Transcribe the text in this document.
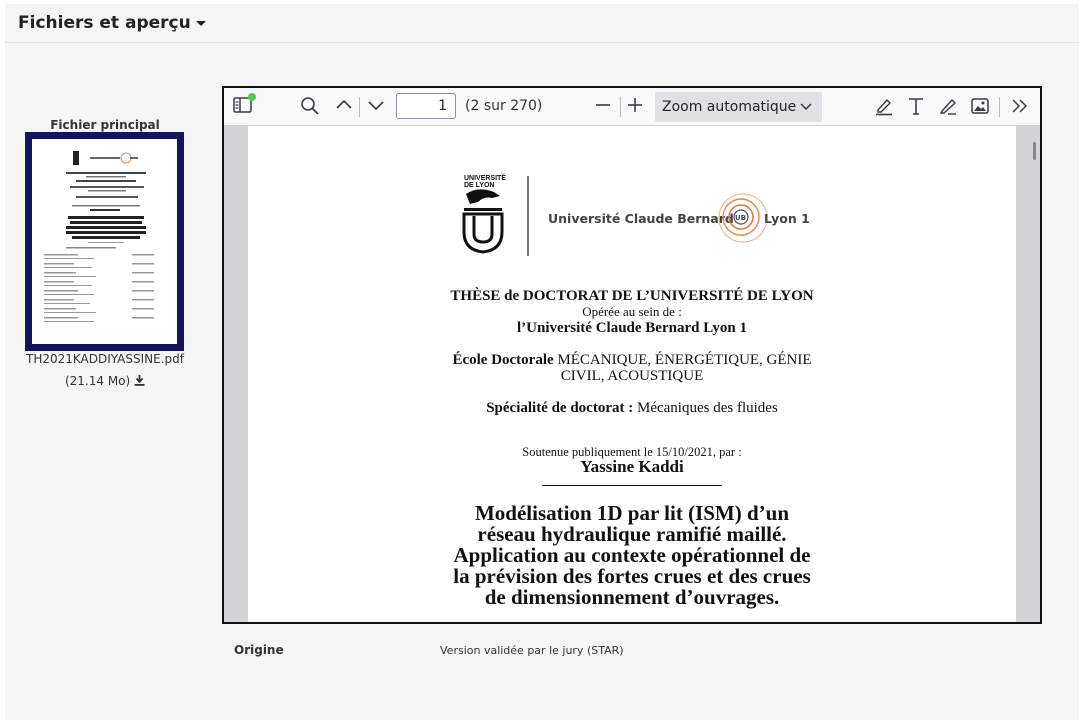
Fichiers et aperçu
Fichier principal
TH2021KADDIYASSINE.pdf
(21.14 Mo)
1
(2 sur 270)	Zoom automatique
UNIVERSITÉ
DE LYON
Université Claude Bernard UB Lyon 1
THÈSE de DOCTORAT DE L’UNIVERSITÉ DE LYON
Opérée au sein de :
l’Université Claude Bernard Lyon 1
École Doctorale MÉCANIQUE, ÉNERGÉTIQUE, GÉNIE
CIVIL, ACOUSTIQUE
Spécialité de doctorat : Mécaniques des fluides
Soutenue publiquement le 15/10/2021, par :
Yassine Kaddi
Modélisation 1D par lit (ISM) d’un
réseau hydraulique ramifié maillé.
Application au contexte opérationnel de
la prévision des fortes crues et des crues
de dimensionnement d’ouvrages.
Origine	Version validée par le jury (STAR)
